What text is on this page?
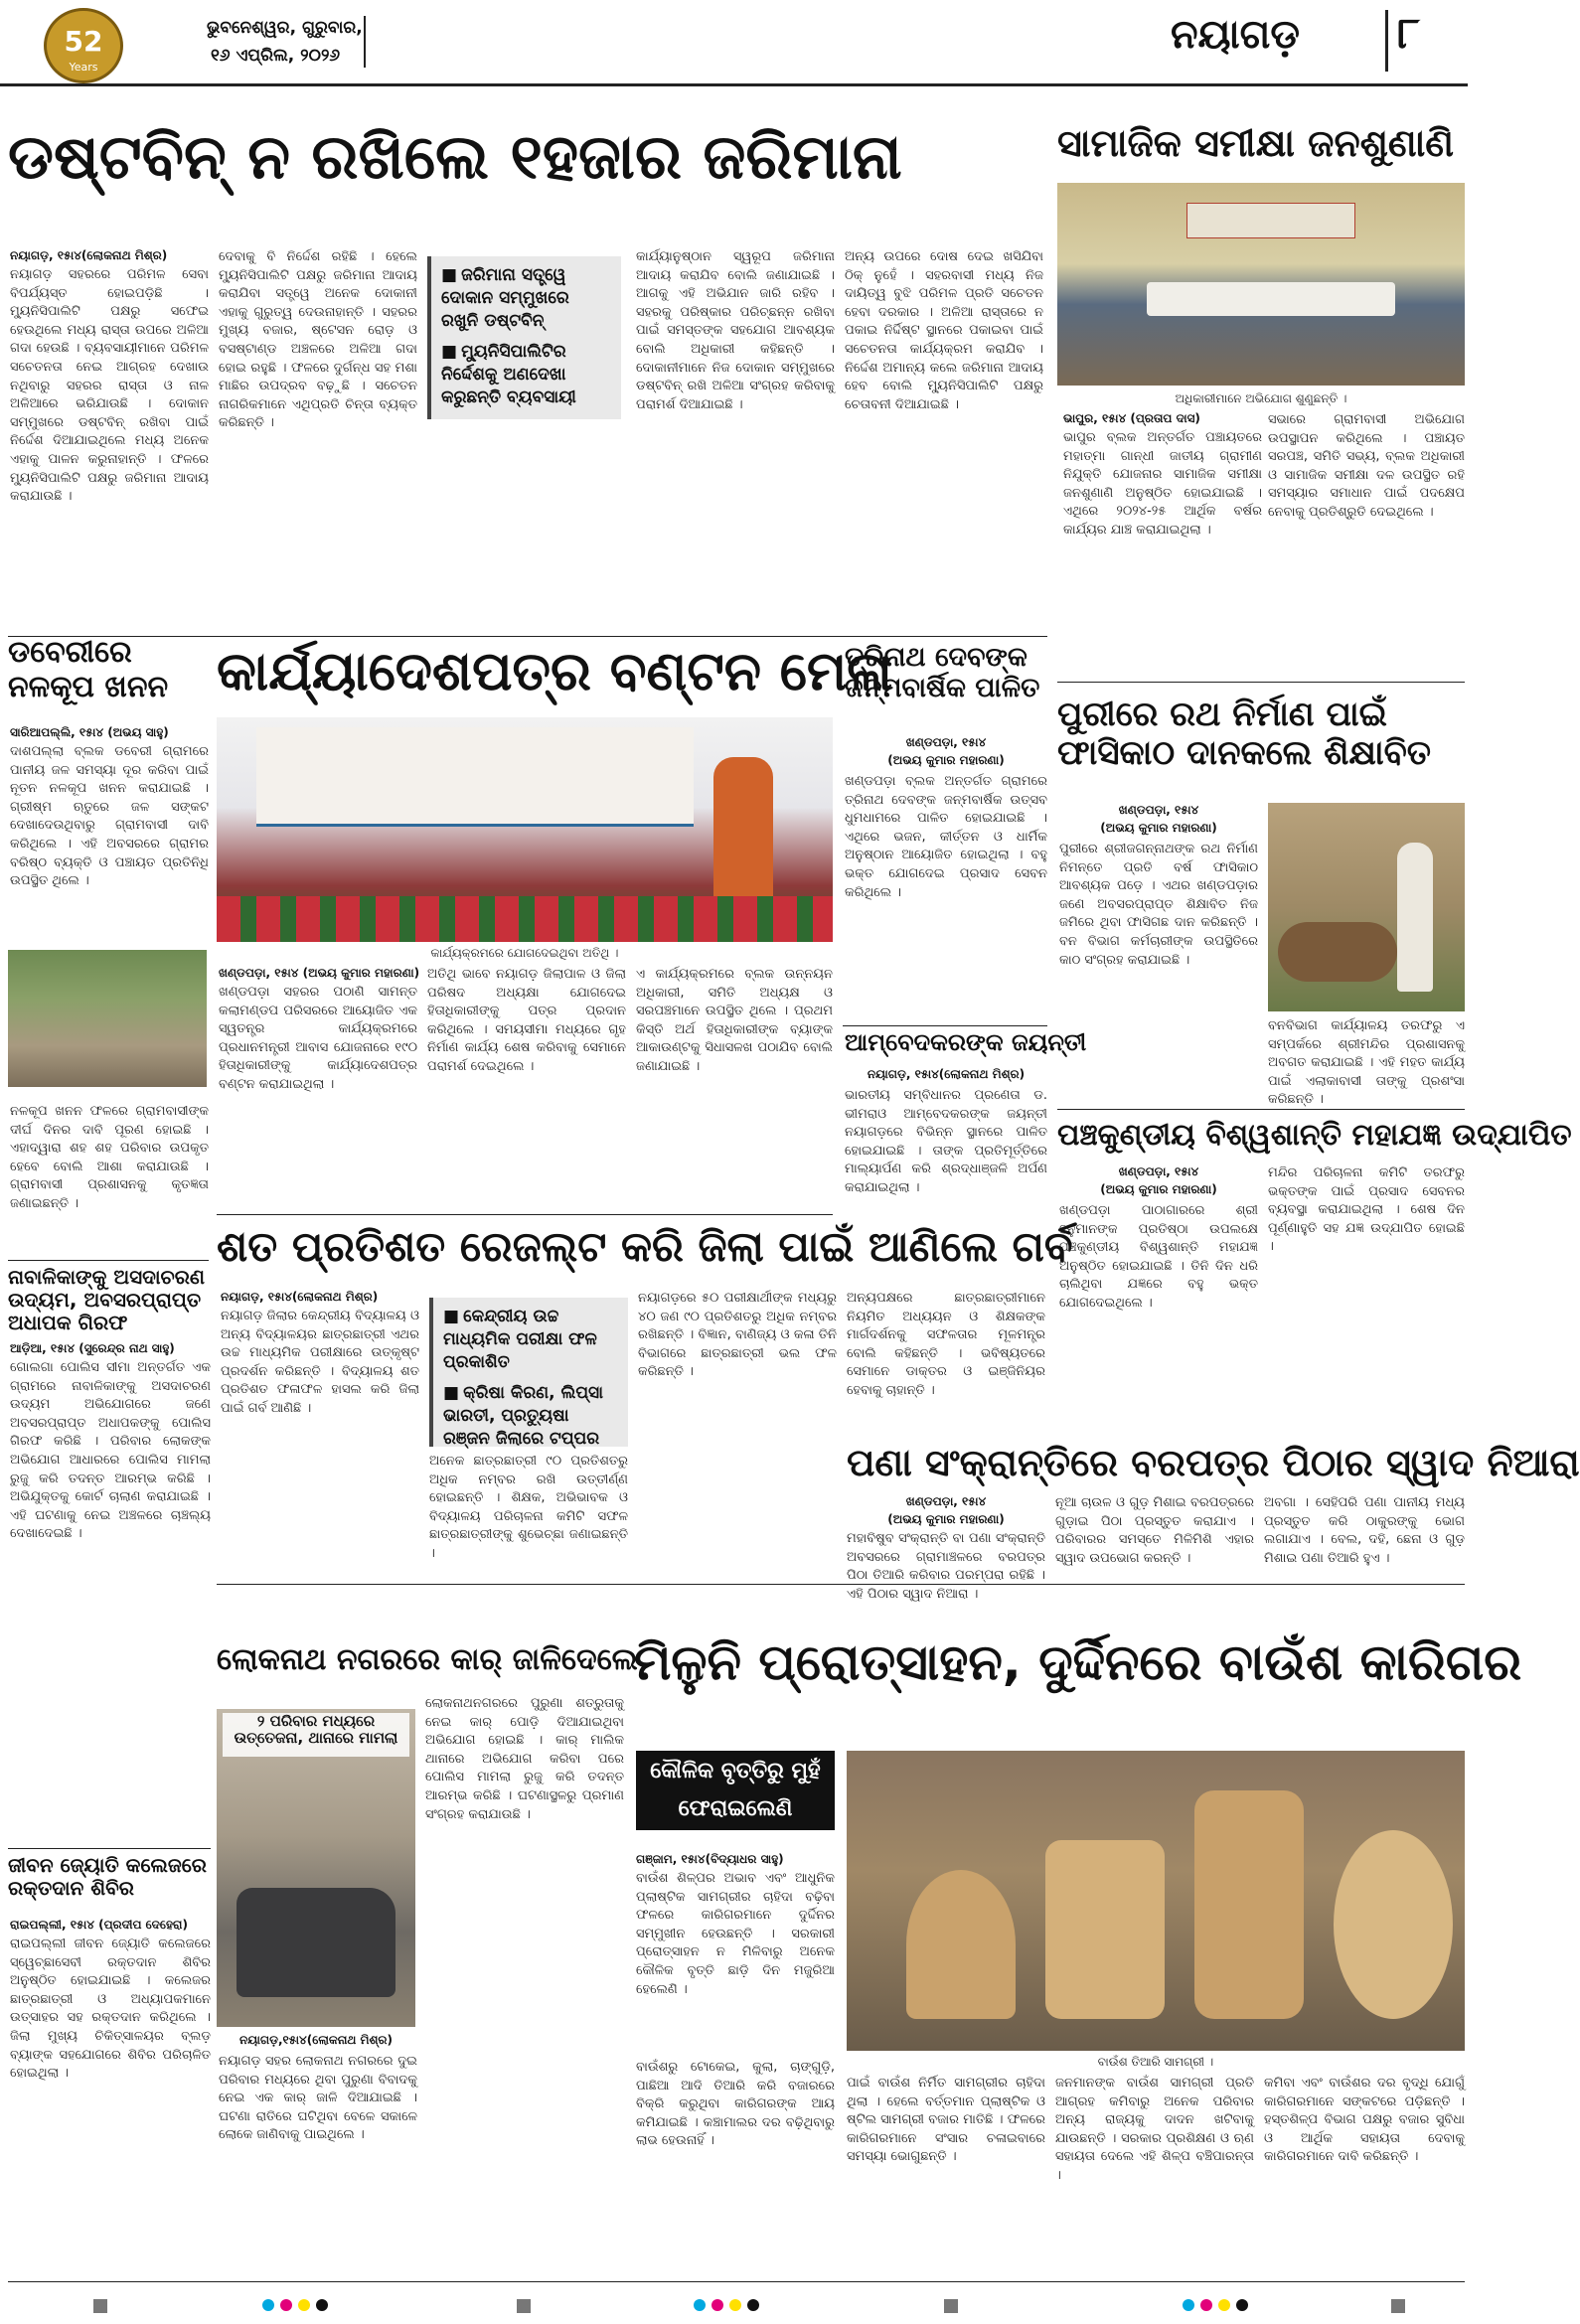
52
Years
ଭୁବନେଶ୍ୱର, ଗୁରୁବାର,
୧୬ ଏପ୍ରିଲ, ୨୦୨୬	ନୟାଗଡ଼ ୮
ଡଷ୍ଟବିନ୍ ନ ରଖିଲେ ୧ହଜାର ଜରିମାନା
ନୟାଗଡ଼, ୧୫ା୪(ଲୋକନାଥ ମିଶ୍ର)

ନୟାଗଡ଼ ସହରରେ ପରିମଳ ସେବା ବିପର୍ଯ୍ୟସ୍ତ ହୋଇପଡ଼ିଛି । ମ୍ୟୁନିସିପାଲିଟି ପକ୍ଷରୁ ସଫେଇ ହେଉଥିଲେ ମଧ୍ୟ ରାସ୍ତା ଉପରେ ଅଳିଆ ଗଦା ହେଉଛି । ବ୍ୟବସାୟୀମାନେ ପରିମଳ ସଚେତନତା ନେଇ ଆଗ୍ରହ ଦେଖାଉ ନଥିବାରୁ ସହରର ରାସ୍ତା ଓ ନାଳ ଅଳିଆରେ ଭରିଯାଉଛି । ଦୋକାନ ସମ୍ମୁଖରେ ଡଷ୍ଟବିନ୍ ରଖିବା ପାଇଁ ନିର୍ଦ୍ଦେଶ ଦିଆଯାଇଥିଲେ ମଧ୍ୟ ଅନେକ ଏହାକୁ ପାଳନ କରୁନାହାନ୍ତି । ଫଳରେ ମ୍ୟୁନିସିପାଲିଟି ପକ୍ଷରୁ ଜରିମାନା ଆଦାୟ କରାଯାଉଛି ।

■ ଜରିମାନା ସତ୍ତ୍ୱେ ଦୋକାନ ସମ୍ମୁଖରେ ରଖୁନି ଡଷ୍ଟବିନ୍
■ ମ୍ୟୁନିସିପାଲିଟିର ନିର୍ଦ୍ଦେଶକୁ ଅଣଦେଖା କରୁଛନ୍ତି ବ୍ୟବସାୟୀ

ଦେବାକୁ ବି ନିର୍ଦ୍ଦେଶ ରହିଛି । ହେଲେ ମ୍ୟୁନିସିପାଲିଟି ପକ୍ଷରୁ ଜରିମାନା ଆଦାୟ କରାଯିବା ସତ୍ତ୍ୱେ ଅନେକ ଦୋକାନୀ ଏହାକୁ ଗୁରୁତ୍ୱ ଦେଉନାହାନ୍ତି । ସହରର ମୁଖ୍ୟ ବଜାର, ଷ୍ଟେସନ ରୋଡ଼ ଓ ବସଷ୍ଟାଣ୍ଡ ଅଞ୍ଚଳରେ ଅଳିଆ ଗଦା ହୋଇ ରହୁଛି । ଫଳରେ ଦୁର୍ଗନ୍ଧ ସହ ମଶା ମାଛିର ଉପଦ୍ରବ ବଢ଼ୁଛି । ସଚେତନ ନାଗରିକମାନେ ଏଥିପ୍ରତି ଚିନ୍ତା ବ୍ୟକ୍ତ କରିଛନ୍ତି ।

କାର୍ଯ୍ୟାନୁଷ୍ଠାନ ସ୍ୱରୂପ ଜରିମାନା ଆଦାୟ କରାଯିବ ବୋଲି ଜଣାଯାଇଛି । ଆଗକୁ ଏହି ଅଭିଯାନ ଜାରି ରହିବ । ସହରକୁ ପରିଷ୍କାର ପରିଚ୍ଛନ୍ନ ରଖିବା ପାଇଁ ସମସ୍ତଙ୍କ ସହଯୋଗ ଆବଶ୍ୟକ ବୋଲି ଅଧିକାରୀ କହିଛନ୍ତି । ଦୋକାନୀମାନେ ନିଜ ଦୋକାନ ସମ୍ମୁଖରେ ଡଷ୍ଟବିନ୍ ରଖି ଅଳିଆ ସଂଗ୍ରହ କରିବାକୁ ପରାମର୍ଶ ଦିଆଯାଇଛି ।

ଅନ୍ୟ ଉପରେ ଦୋଷ ଦେଇ ଖସିଯିବା ଠିକ୍ ନୁହେଁ । ସହରବାସୀ ମଧ୍ୟ ନିଜ ଦାୟିତ୍ୱ ବୁଝି ପରିମଳ ପ୍ରତି ସଚେତନ ହେବା ଦରକାର । ଅଳିଆ ରାସ୍ତାରେ ନ ପକାଇ ନିର୍ଦ୍ଦିଷ୍ଟ ସ୍ଥାନରେ ପକାଇବା ପାଇଁ ସଚେତନତା କାର୍ଯ୍ୟକ୍ରମ କରାଯିବ । ନିର୍ଦ୍ଦେଶ ଅମାନ୍ୟ କଲେ ଜରିମାନା ଆଦାୟ ହେବ ବୋଲି ମ୍ୟୁନିସିପାଲିଟି ପକ୍ଷରୁ ଚେତାବନୀ ଦିଆଯାଇଛି ।

ସାମାଜିକ ସମୀକ୍ଷା ଜନଶୁଣାଣି
ଅଧିକାରୀମାନେ ଅଭିଯୋଗ ଶୁଣୁଛନ୍ତି ।
ଭାପୁର, ୧୫ା୪ (ପ୍ରତାପ ଦାସ)

ଭାପୁର ବ୍ଲକ ଅନ୍ତର୍ଗତ ପଞ୍ଚାୟତରେ ମହାତ୍ମା ଗାନ୍ଧୀ ଜାତୀୟ ଗ୍ରାମୀଣ ନିଯୁକ୍ତି ଯୋଜନାର ସାମାଜିକ ସମୀକ୍ଷା ଜନଶୁଣାଣି ଅନୁଷ୍ଠିତ ହୋଇଯାଇଛି । ଏଥିରେ ୨୦୨୪-୨୫ ଆର୍ଥିକ ବର୍ଷର କାର୍ଯ୍ୟର ଯାଞ୍ଚ କରାଯାଇଥିଲା ।

ସଭାରେ ଗ୍ରାମବାସୀ ଅଭିଯୋଗ ଉପସ୍ଥାପନ କରିଥିଲେ । ପଞ୍ଚାୟତ ସରପଞ୍ଚ, ସମିତି ସଭ୍ୟ, ବ୍ଲକ ଅଧିକାରୀ ଓ ସାମାଜିକ ସମୀକ୍ଷା ଦଳ ଉପସ୍ଥିତ ରହି ସମସ୍ୟାର ସମାଧାନ ପାଇଁ ପଦକ୍ଷେପ ନେବାକୁ ପ୍ରତିଶ୍ରୁତି ଦେଇଥିଲେ ।

ଡବେରୀରେ ନଳକୂପ ଖନନ
ସାରିଆପଲ୍ଲି, ୧୫ା୪ (ଅଭୟ ସାହୁ)

ଦାଶପଲ୍ଲା ବ୍ଲକ ଡବେରୀ ଗ୍ରାମରେ ପାନୀୟ ଜଳ ସମସ୍ୟା ଦୂର କରିବା ପାଇଁ ନୂତନ ନଳକୂପ ଖନନ କରାଯାଇଛି । ଗ୍ରୀଷ୍ମ ଋତୁରେ ଜଳ ସଙ୍କଟ ଦେଖାଦେଉଥିବାରୁ ଗ୍ରାମବାସୀ ଦାବି କରିଥିଲେ । ଏହି ଅବସରରେ ଗ୍ରାମର ବରିଷ୍ଠ ବ୍ୟକ୍ତି ଓ ପଞ୍ଚାୟତ ପ୍ରତିନିଧି ଉପସ୍ଥିତ ଥିଲେ ।

ନଳକୂପ ଖନନ ଫଳରେ ଗ୍ରାମବାସୀଙ୍କ ଦୀର୍ଘ ଦିନର ଦାବି ପୂରଣ ହୋଇଛି । ଏହାଦ୍ୱାରା ଶହ ଶହ ପରିବାର ଉପକୃତ ହେବେ ବୋଲି ଆଶା କରାଯାଉଛି । ଗ୍ରାମବାସୀ ପ୍ରଶାସନକୁ କୃତଜ୍ଞତା ଜଣାଇଛନ୍ତି ।

କାର୍ଯ୍ୟାଦେଶପତ୍ର ବଣ୍ଟନ ମେଳା
କାର୍ଯ୍ୟକ୍ରମରେ ଯୋଗଦେଇଥିବା ଅତିଥି ।
ଖଣ୍ଡପଡ଼ା, ୧୫ା୪ (ଅଭୟ କୁମାର ମହାରଣା)

ଖଣ୍ଡପଡ଼ା ସହରର ପଠାଣି ସାମନ୍ତ କଲାମଣ୍ଡପ ପରିସରରେ ଆୟୋଜିତ ଏକ ସ୍ୱତନ୍ତ୍ର କାର୍ଯ୍ୟକ୍ରମରେ ପ୍ରଧାନମନ୍ତ୍ରୀ ଆବାସ ଯୋଜନାରେ ୧୯୦ ହିତାଧିକାରୀଙ୍କୁ କାର୍ଯ୍ୟାଦେଶପତ୍ର ବଣ୍ଟନ କରାଯାଇଥିଲା ।

ଅତିଥି ଭାବେ ନୟାଗଡ଼ ଜିଲାପାଳ ଓ ଜିଲା ପରିଷଦ ଅଧ୍ୟକ୍ଷା ଯୋଗଦେଇ ହିତାଧିକାରୀଙ୍କୁ ପତ୍ର ପ୍ରଦାନ କରିଥିଲେ । ସମୟସୀମା ମଧ୍ୟରେ ଗୃହ ନିର୍ମାଣ କାର୍ଯ୍ୟ ଶେଷ କରିବାକୁ ସେମାନେ ପରାମର୍ଶ ଦେଇଥିଲେ ।

ଏ କାର୍ଯ୍ୟକ୍ରମରେ ବ୍ଲକ ଉନ୍ନୟନ ଅଧିକାରୀ, ସମିତି ଅଧ୍ୟକ୍ଷ ଓ ସରପଞ୍ଚମାନେ ଉପସ୍ଥିତ ଥିଲେ । ପ୍ରଥମ କିସ୍ତି ଅର୍ଥ ହିତାଧିକାରୀଙ୍କ ବ୍ୟାଙ୍କ ଆକାଉଣ୍ଟକୁ ସିଧାସଳଖ ପଠାଯିବ ବୋଲି ଜଣାଯାଇଛି ।

ତ୍ରିନାଥ ଦେବଙ୍କ ଜନ୍ମବାର୍ଷିକ ପାଳିତ
ଖଣ୍ଡପଡ଼ା, ୧୫ା୪
(ଅଭୟ କୁମାର ମହାରଣା)

ଖଣ୍ଡପଡ଼ା ବ୍ଲକ ଅନ୍ତର୍ଗତ ଗ୍ରାମରେ ତ୍ରିନାଥ ଦେବଙ୍କ ଜନ୍ମବାର୍ଷିକ ଉତ୍ସବ ଧୁମଧାମରେ ପାଳିତ ହୋଇଯାଇଛି । ଏଥିରେ ଭଜନ, କୀର୍ତ୍ତନ ଓ ଧାର୍ମିକ ଅନୁଷ୍ଠାନ ଆୟୋଜିତ ହୋଇଥିଲା । ବହୁ ଭକ୍ତ ଯୋଗଦେଇ ପ୍ରସାଦ ସେବନ କରିଥିଲେ ।

ଆମ୍ବେଦକରଙ୍କ ଜୟନ୍ତୀ
ନୟାଗଡ଼, ୧୫ା୪(ଲୋକନାଥ ମିଶ୍ର)

ଭାରତୀୟ ସମ୍ବିଧାନର ପ୍ରଣେତା ଡ. ଭୀମରାଓ ଆମ୍ବେଦକରଙ୍କ ଜୟନ୍ତୀ ନୟାଗଡ଼ରେ ବିଭିନ୍ନ ସ୍ଥାନରେ ପାଳିତ ହୋଇଯାଇଛି । ତାଙ୍କ ପ୍ରତିମୂର୍ତ୍ତିରେ ମାଲ୍ୟାର୍ପଣ କରି ଶ୍ରଦ୍ଧାଞ୍ଜଳି ଅର୍ପଣ କରାଯାଇଥିଲା ।

ପୁରୀରେ ରଥ ନିର୍ମାଣ ପାଇଁ ଫାସିକାଠ ଦାନକଲେ ଶିକ୍ଷାବିତ
ଖଣ୍ଡପଡ଼ା, ୧୫ା୪
(ଅଭୟ କୁମାର ମହାରଣା)

ପୁରୀରେ ଶ୍ରୀଜଗନ୍ନାଥଙ୍କ ରଥ ନିର୍ମାଣ ନିମନ୍ତେ ପ୍ରତି ବର୍ଷ ଫାସିକାଠ ଆବଶ୍ୟକ ପଡ଼େ । ଏଥର ଖଣ୍ଡପଡ଼ାର ଜଣେ ଅବସରପ୍ରାପ୍ତ ଶିକ୍ଷାବିତ ନିଜ ଜମିରେ ଥିବା ଫାସିଗଛ ଦାନ କରିଛନ୍ତି । ବନ ବିଭାଗ କର୍ମଚାରୀଙ୍କ ଉପସ୍ଥିତିରେ କାଠ ସଂଗ୍ରହ କରାଯାଇଛି ।

ବନବିଭାଗ କାର୍ଯ୍ୟାଳୟ ତରଫରୁ ଏ ସମ୍ପର୍କରେ ଶ୍ରୀମନ୍ଦିର ପ୍ରଶାସନକୁ ଅବଗତ କରାଯାଇଛି । ଏହି ମହତ କାର୍ଯ୍ୟ ପାଇଁ ଏଲାକାବାସୀ ତାଙ୍କୁ ପ୍ରଶଂସା କରିଛନ୍ତି ।

ପଞ୍ଚକୁଣ୍ଡୀୟ ବିଶ୍ୱଶାନ୍ତି ମହାଯଜ୍ଞ ଉଦ୍‌ଯାପିତ
ଖଣ୍ଡପଡ଼ା, ୧୫ା୪
(ଅଭୟ କୁମାର ମହାରଣା)

ଖଣ୍ଡପଡ଼ା ପାଠାଗାରରେ ଶ୍ରୀ ହନୁମାନଙ୍କ ପ୍ରତିଷ୍ଠା ଉପଲକ୍ଷେ ପଞ୍ଚକୁଣ୍ଡୀୟ ବିଶ୍ୱଶାନ୍ତି ମହାଯଜ୍ଞ ଅନୁଷ୍ଠିତ ହୋଇଯାଇଛି । ତିନି ଦିନ ଧରି ଚାଲିଥିବା ଯଜ୍ଞରେ ବହୁ ଭକ୍ତ ଯୋଗଦେଇଥିଲେ ।

ମନ୍ଦିର ପରିଚାଳନା କମିଟି ତରଫରୁ ଭକ୍ତଙ୍କ ପାଇଁ ପ୍ରସାଦ ସେବନର ବ୍ୟବସ୍ଥା କରାଯାଇଥିଲା । ଶେଷ ଦିନ ପୂର୍ଣ୍ଣାହୁତି ସହ ଯଜ୍ଞ ଉଦ୍‌ଯାପିତ ହୋଇଛି ।

ନାବାଳିକାଙ୍କୁ ଅସଦାଚରଣ ଉଦ୍ୟମ, ଅବସରପ୍ରାପ୍ତ ଅଧାପକ ଗିରଫ
ଆଡ଼ିଆ, ୧୫ା୪ (ସୁରେନ୍ଦ୍ର ନାଥ ସାହୁ)

ଗୋଲଗା ପୋଲିସ ସୀମା ଅନ୍ତର୍ଗତ ଏକ ଗ୍ରାମରେ ନାବାଳିକାଙ୍କୁ ଅସଦାଚରଣ ଉଦ୍ୟମ ଅଭିଯୋଗରେ ଜଣେ ଅବସରପ୍ରାପ୍ତ ଅଧାପକଙ୍କୁ ପୋଲିସ ଗିରଫ କରିଛି । ପରିବାର ଲୋକଙ୍କ ଅଭିଯୋଗ ଆଧାରରେ ପୋଲିସ ମାମଲା ରୁଜୁ କରି ତଦନ୍ତ ଆରମ୍ଭ କରିଛି । ଅଭିଯୁକ୍ତକୁ କୋର୍ଟ ଚାଲାଣ କରାଯାଇଛି । ଏହି ଘଟଣାକୁ ନେଇ ଅଞ୍ଚଳରେ ଚାଞ୍ଚଲ୍ୟ ଦେଖାଦେଇଛି ।

ଜୀବନ ଜ୍ୟୋତି କଲେଜରେ ରକ୍ତଦାନ ଶିବିର
ରାଇପଲ୍ଲୀ, ୧୫ା୪ (ପ୍ରଦୀପ ଦେହେରା)

ରାଇପଲ୍ଲୀ ଜୀବନ ଜ୍ୟୋତି କଲେଜରେ ସ୍ୱେଚ୍ଛାସେବୀ ରକ୍ତଦାନ ଶିବିର ଅନୁଷ୍ଠିତ ହୋଇଯାଇଛି । କଲେଜର ଛାତ୍ରଛାତ୍ରୀ ଓ ଅଧ୍ୟାପକମାନେ ଉତ୍ସାହର ସହ ରକ୍ତଦାନ କରିଥିଲେ । ଜିଲା ମୁଖ୍ୟ ଚିକିତ୍ସାଳୟର ବ୍ଲଡ଼ ବ୍ୟାଙ୍କ ସହଯୋଗରେ ଶିବିର ପରିଚାଳିତ ହୋଇଥିଲା ।

ଶତ ପ୍ରତିଶତ ରେଜଲ୍ଟ କରି ଜିଲା ପାଇଁ ଆଣିଲେ ଗର୍ବ
ନୟାଗଡ଼, ୧୫ା୪(ଲୋକନାଥ ମିଶ୍ର)

ନୟାଗଡ଼ ଜିଲାର କେନ୍ଦ୍ରୀୟ ବିଦ୍ୟାଳୟ ଓ ଅନ୍ୟ ବିଦ୍ୟାଳୟର ଛାତ୍ରଛାତ୍ରୀ ଏଥର ଉଚ୍ଚ ମାଧ୍ୟମିକ ପରୀକ୍ଷାରେ ଉତ୍କୃଷ୍ଟ ପ୍ରଦର୍ଶନ କରିଛନ୍ତି । ବିଦ୍ୟାଳୟ ଶତ ପ୍ରତିଶତ ଫଳାଫଳ ହାସଲ କରି ଜିଲା ପାଇଁ ଗର୍ବ ଆଣିଛି ।

■ କେନ୍ଦ୍ରୀୟ ଉଚ୍ଚ ମାଧ୍ୟମିକ ପରୀକ୍ଷା ଫଳ ପ୍ରକାଶିତ
■ କ୍ରିଷା କିରଣ, ଲିପ୍ସା ଭାରତୀ, ପ୍ରତ୍ୟୁଷା ରଞ୍ଜନ ଜିଲାରେ ଟପ୍‌ପର

ଅନେକ ଛାତ୍ରଛାତ୍ରୀ ୯୦ ପ୍ରତିଶତରୁ ଅଧିକ ନମ୍ବର ରଖି ଉତ୍ତୀର୍ଣ୍ଣ ହୋଇଛନ୍ତି । ଶିକ୍ଷକ, ଅଭିଭାବକ ଓ ବିଦ୍ୟାଳୟ ପରିଚାଳନା କମିଟି ସଫଳ ଛାତ୍ରଛାତ୍ରୀଙ୍କୁ ଶୁଭେଚ୍ଛା ଜଣାଇଛନ୍ତି ।

ନୟାଗଡ଼ରେ ୫୦ ପରୀକ୍ଷାର୍ଥୀଙ୍କ ମଧ୍ୟରୁ ୪୦ ଜଣ ୯୦ ପ୍ରତିଶତରୁ ଅଧିକ ନମ୍ବର ରଖିଛନ୍ତି । ବିଜ୍ଞାନ, ବାଣିଜ୍ୟ ଓ କଳା ତିନି ବିଭାଗରେ ଛାତ୍ରଛାତ୍ରୀ ଭଲ ଫଳ କରିଛନ୍ତି ।

ଅନ୍ୟପକ୍ଷରେ ଛାତ୍ରଛାତ୍ରୀମାନେ ନିୟମିତ ଅଧ୍ୟୟନ ଓ ଶିକ୍ଷକଙ୍କ ମାର୍ଗଦର୍ଶନକୁ ସଫଳତାର ମୂଳମନ୍ତ୍ର ବୋଲି କହିଛନ୍ତି । ଭବିଷ୍ୟତରେ ସେମାନେ ଡାକ୍ତର ଓ ଇଞ୍ଜିନିୟର ହେବାକୁ ଚାହାନ୍ତି ।

ପଣା ସଂକ୍ରାନ୍ତିରେ ବରପତ୍ର ପିଠାର ସ୍ୱାଦ ନିଆରା
ଖଣ୍ଡପଡ଼ା, ୧୫ା୪
(ଅଭୟ କୁମାର ମହାରଣା)

ମହାବିଷୁବ ସଂକ୍ରାନ୍ତି ବା ପଣା ସଂକ୍ରାନ୍ତି ଅବସରରେ ଗ୍ରାମାଞ୍ଚଳରେ ବରପତ୍ର ପିଠା ତିଆରି କରିବାର ପରମ୍ପରା ରହିଛି । ଏହି ପିଠାର ସ୍ୱାଦ ନିଆରା ।

ନୂଆ ଚାଉଳ ଓ ଗୁଡ଼ ମିଶାଇ ବରପତ୍ରରେ ଗୁଡ଼ାଇ ପିଠା ପ୍ରସ୍ତୁତ କରାଯାଏ । ପରିବାରର ସମସ୍ତେ ମିଳିମିଶି ଏହାର ସ୍ୱାଦ ଉପଭୋଗ କରନ୍ତି ।

ଅବଗା । ସେହିପରି ପଣା ପାନୀୟ ମଧ୍ୟ ପ୍ରସ୍ତୁତ କରି ଠାକୁରଙ୍କୁ ଭୋଗ ଲଗାଯାଏ । ବେଲ, ଦହି, ଛେନା ଓ ଗୁଡ଼ ମିଶାଇ ପଣା ତିଆରି ହୁଏ ।

ଲୋକନାଥ ନଗରରେ କାର୍ ଜାଳିଦେଲେ
୨ ପରିବାର ମଧ୍ୟରେ ଉତ୍ତେଜନା, ଥାନାରେ ମାମଲା
ନୟାଗଡ଼,୧୫ା୪(ଲୋକନାଥ ମିଶ୍ର)

ନୟାଗଡ଼ ସହର ଲୋକନାଥ ନଗରରେ ଦୁଇ ପରିବାର ମଧ୍ୟରେ ଥିବା ପୁରୁଣା ବିବାଦକୁ ନେଇ ଏକ କାର୍ ଜାଳି ଦିଆଯାଇଛି । ଘଟଣା ରାତିରେ ଘଟିଥିବା ବେଳେ ସକାଳେ ଲୋକେ ଜାଣିବାକୁ ପାଇଥିଲେ ।

ଲୋକନାଥନଗରରେ ପୁରୁଣା ଶତ୍ରୁତାକୁ ନେଇ କାର୍ ପୋଡ଼ି ଦିଆଯାଇଥିବା ଅଭିଯୋଗ ହୋଇଛି । କାର୍ ମାଲିକ ଥାନାରେ ଅଭିଯୋଗ କରିବା ପରେ ପୋଲିସ ମାମଲା ରୁଜୁ କରି ତଦନ୍ତ ଆରମ୍ଭ କରିଛି । ଘଟଣାସ୍ଥଳରୁ ପ୍ରମାଣ ସଂଗ୍ରହ କରାଯାଉଛି ।

ମିଳୁନି ପ୍ରୋତ୍ସାହନ, ଦୁର୍ଦ୍ଦିନରେ ବାଉଁଶ କାରିଗର
କୌଳିକ ବୃତ୍ତିରୁ ମୁହଁ ଫେରାଇଲେଣି
ଗଞ୍ଜାମ, ୧୫ା୪(ବିଦ୍ୟାଧର ସାହୁ)

ବାଉଁଶ ଶିଳ୍ପର ଅଭାବ ଏବଂ ଆଧୁନିକ ପ୍ଲାଷ୍ଟିକ ସାମଗ୍ରୀର ଚାହିଦା ବଢ଼ିବା ଫଳରେ କାରିଗରମାନେ ଦୁର୍ଦ୍ଦିନର ସମ୍ମୁଖୀନ ହେଉଛନ୍ତି । ସରକାରୀ ପ୍ରୋତ୍ସାହନ ନ ମିଳିବାରୁ ଅନେକ କୌଳିକ ବୃତ୍ତି ଛାଡ଼ି ଦିନ ମଜୁରିଆ ହେଲେଣି ।

ବାଉଁଶ ତିଆରି ସାମଗ୍ରୀ ।

ବାଉଁଶରୁ ଟୋକେଇ, କୁଲା, ଚାଙ୍ଗୁଡ଼ି, ପାଛିଆ ଆଦି ତିଆରି କରି ବଜାରରେ ବିକ୍ରି କରୁଥିବା କାରିଗରଙ୍କ ଆୟ କମିଯାଇଛି । କଞ୍ଚାମାଲର ଦର ବଢ଼ିଥିବାରୁ ଲାଭ ହେଉନାହିଁ ।

ପାଇଁ ବାଉଁଶ ନିର୍ମିତ ସାମଗ୍ରୀର ଚାହିଦା ଥିଲା । ହେଲେ ବର୍ତ୍ତମାନ ପ୍ଲାଷ୍ଟିକ ଓ ଷ୍ଟିଲ ସାମଗ୍ରୀ ବଜାର ମାତିଛି । ଫଳରେ କାରିଗରମାନେ ସଂସାର ଚଳାଇବାରେ ସମସ୍ୟା ଭୋଗୁଛନ୍ତି ।

ଜନମାନଙ୍କ ବାଉଁଶ ସାମଗ୍ରୀ ପ୍ରତି ଆଗ୍ରହ କମିବାରୁ ଅନେକ ପରିବାର ଅନ୍ୟ ରାଜ୍ୟକୁ ଦାଦନ ଖଟିବାକୁ ଯାଉଛନ୍ତି । ସରକାର ପ୍ରଶିକ୍ଷଣ ଓ ଋଣ ସହାୟତା ଦେଲେ ଏହି ଶିଳ୍ପ ବଞ୍ଚିପାରନ୍ତା ।

କମିବା ଏବଂ ବାଉଁଶର ଦର ବୃଦ୍ଧି ଯୋଗୁଁ କାରିଗରମାନେ ସଙ୍କଟରେ ପଡ଼ିଛନ୍ତି । ହସ୍ତଶିଳ୍ପ ବିଭାଗ ପକ୍ଷରୁ ବଜାର ସୁବିଧା ଓ ଆର୍ଥିକ ସହାୟତା ଦେବାକୁ କାରିଗରମାନେ ଦାବି କରିଛନ୍ତି ।
